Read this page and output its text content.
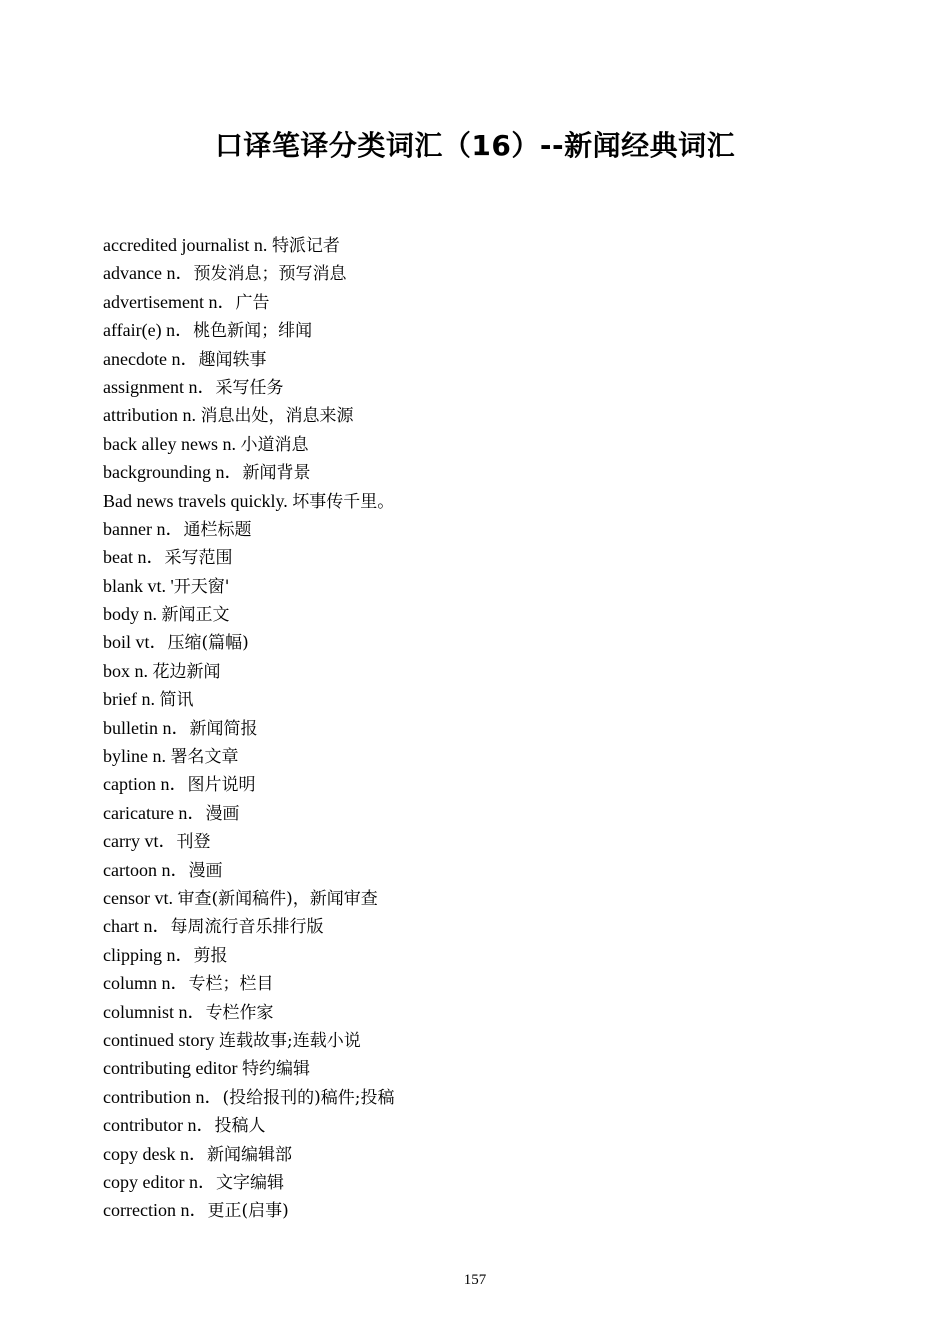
口译笔译分类词汇（16）--新闻经典词汇
accredited journalist n. 特派记者
advance n．预发消息；预写消息
advertisement n．广告
affair(e) n．桃色新闻；绯闻
anecdote n．趣闻轶事
assignment n．采写任务
attribution n. 消息出处，消息来源
back alley news n. 小道消息
backgrounding n．新闻背景
Bad news travels quickly. 坏事传千里。
banner n．通栏标题
beat n．采写范围
blank vt. '开天窗'
body n. 新闻正文
boil vt．压缩(篇幅)
box n. 花边新闻
brief n. 简讯
bulletin n．新闻简报
byline n. 署名文章
caption n．图片说明
caricature n．漫画
carry vt．刊登
cartoon n．漫画
censor vt. 审查(新闻稿件)，新闻审查
chart n．每周流行音乐排行版
clipping n．剪报
column n．专栏；栏目
columnist n．专栏作家
continued story 连载故事;连载小说
contributing editor 特约编辑
contribution n．(投给报刊的)稿件;投稿
contributor n．投稿人
copy desk n．新闻编辑部
copy editor n．文字编辑
correction n．更正(启事)
157
